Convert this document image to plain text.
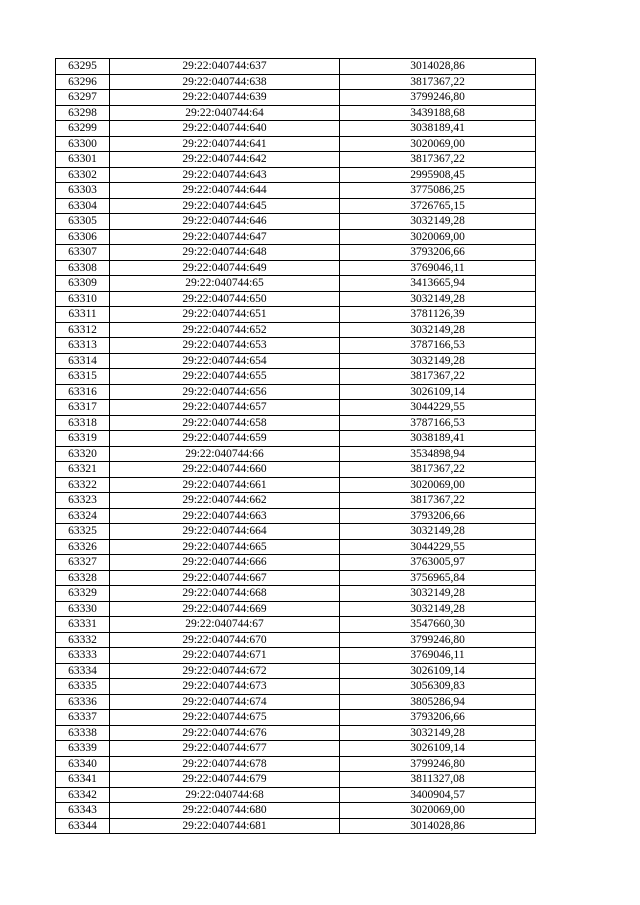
63295	29:22:040744:637	3014028,86
63296	29:22:040744:638	3817367,22
63297	29:22:040744:639	3799246,80
63298	29:22:040744:64	3439188,68
63299	29:22:040744:640	3038189,41
63300	29:22:040744:641	3020069,00
63301	29:22:040744:642	3817367,22
63302	29:22:040744:643	2995908,45
63303	29:22:040744:644	3775086,25
63304	29:22:040744:645	3726765,15
63305	29:22:040744:646	3032149,28
63306	29:22:040744:647	3020069,00
63307	29:22:040744:648	3793206,66
63308	29:22:040744:649	3769046,11
63309	29:22:040744:65	3413665,94
63310	29:22:040744:650	3032149,28
63311	29:22:040744:651	3781126,39
63312	29:22:040744:652	3032149,28
63313	29:22:040744:653	3787166,53
63314	29:22:040744:654	3032149,28
63315	29:22:040744:655	3817367,22
63316	29:22:040744:656	3026109,14
63317	29:22:040744:657	3044229,55
63318	29:22:040744:658	3787166,53
63319	29:22:040744:659	3038189,41
63320	29:22:040744:66	3534898,94
63321	29:22:040744:660	3817367,22
63322	29:22:040744:661	3020069,00
63323	29:22:040744:662	3817367,22
63324	29:22:040744:663	3793206,66
63325	29:22:040744:664	3032149,28
63326	29:22:040744:665	3044229,55
63327	29:22:040744:666	3763005,97
63328	29:22:040744:667	3756965,84
63329	29:22:040744:668	3032149,28
63330	29:22:040744:669	3032149,28
63331	29:22:040744:67	3547660,30
63332	29:22:040744:670	3799246,80
63333	29:22:040744:671	3769046,11
63334	29:22:040744:672	3026109,14
63335	29:22:040744:673	3056309,83
63336	29:22:040744:674	3805286,94
63337	29:22:040744:675	3793206,66
63338	29:22:040744:676	3032149,28
63339	29:22:040744:677	3026109,14
63340	29:22:040744:678	3799246,80
63341	29:22:040744:679	3811327,08
63342	29:22:040744:68	3400904,57
63343	29:22:040744:680	3020069,00
63344	29:22:040744:681	3014028,86
